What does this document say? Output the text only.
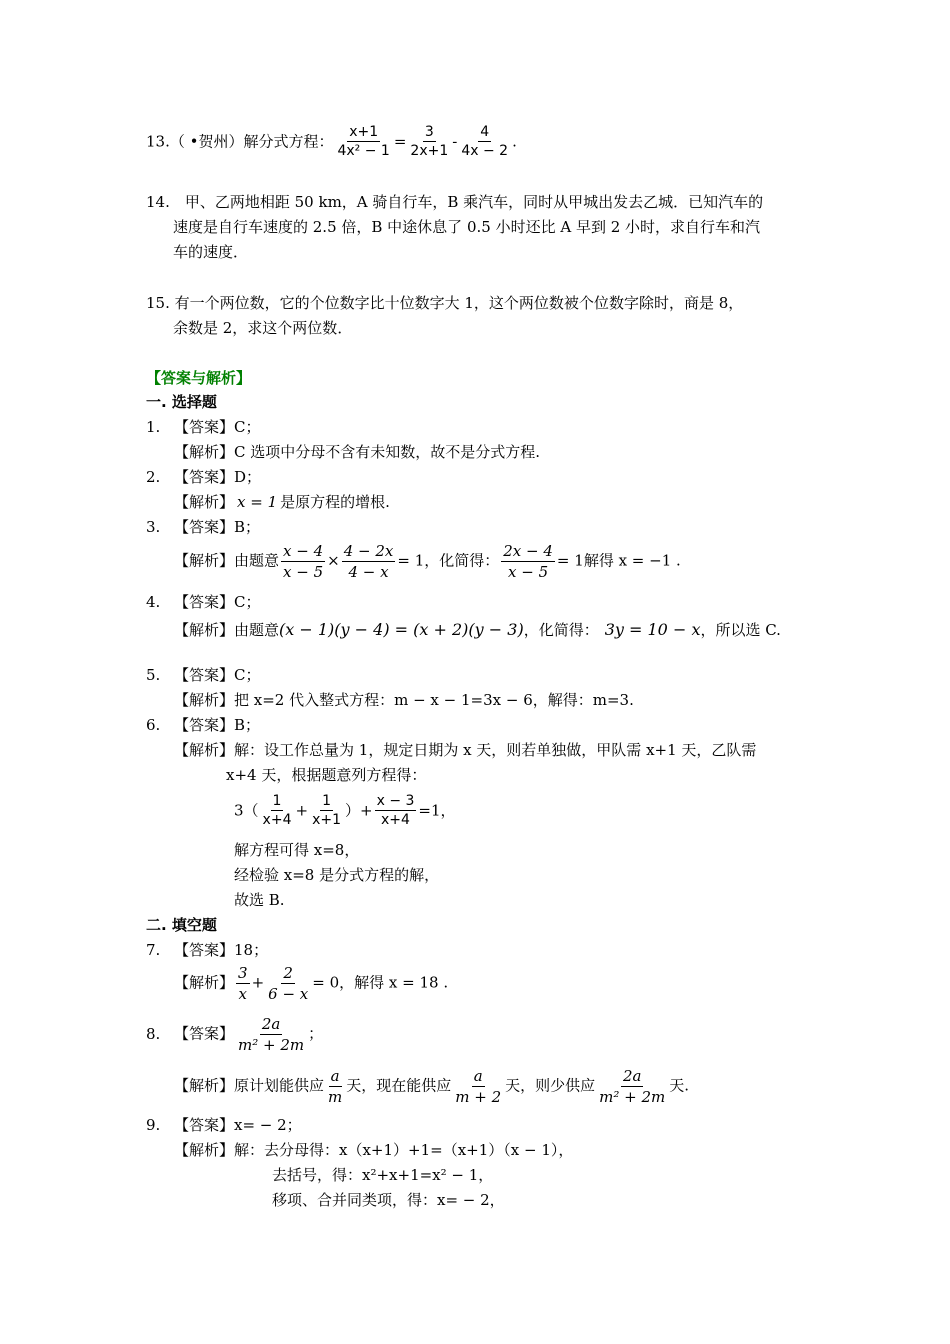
13.（ •贺州）解分式方程： $\frac{x+1}{\text{4x² − 1}} = \frac{3}{2x+1} - \frac{4}{4x - 2}$ .
14.　甲、乙两地相距 50 km，A 骑自行车，B 乘汽车，同时从甲城出发去乙城．已知汽车的
速度是自行车速度的 2.5 倍，B 中途休息了 0.5 小时还比 A 早到 2 小时，求自行车和汽
车的速度．
15. 有一个两位数，它的个位数字比十位数字大 1，这个两位数被个位数字除时，商是 8，
余数是 2，求这个两位数．
【答案与解析】
一. 选择题
1. 【答案】C；
【解析】C 选项中分母不含有未知数，故不是分式方程.
2. 【答案】D；
【解析】 x = 1 是原方程的增根.
3. 【答案】B；
【解析】由题意 $\frac{x - 4}{x - 5} \times \frac{4 - 2x}{4 - x} = 1$，化简得： $\frac{2x - 4}{x - 5} = 1$解得 x = −1 .
4. 【答案】C；
【解析】由题意(x − 1)(y − 4) = (x + 2)(y − 3)，化简得： 3y = 10 − x，所以选 C.
5. 【答案】C；
【解析】把 x=2 代入整式方程：m − x − 1=3x − 6，解得：m=3.
6. 【答案】B；
【解析】解：设工作总量为 1，规定日期为 x 天，则若单独做，甲队需 x+1 天，乙队需
x+4 天，根据题意列方程得：
$3( \frac{1}{x+4} + \frac{1}{x+1}$ ）+ $\frac{x - 3}{x+4} =1$，
解方程可得 x=8，
经检验 x=8 是分式方程的解，
故选 B.
二. 填空题
7. 【答案】18；
【解析】 $\frac{3}{x} + \frac{2}{6 - x} = 0$，解得 x = 18 .
8. 【答案】 $\frac{2a}{\text{m² + 2m}}$ ；
【解析】原计划能供应 $\frac{a}{m}$ 天，现在能供应 $\frac{a}{m + 2}$ 天，则少供应 $\frac{2a}{\text{m² + 2m}}$ 天.
9. 【答案】x= − 2；
【解析】解：去分母得：x（x+1）+1=（x+1）（x − 1），
去括号，得：x²+x+1=x² − 1，
移项、合并同类项，得：x= − 2，
